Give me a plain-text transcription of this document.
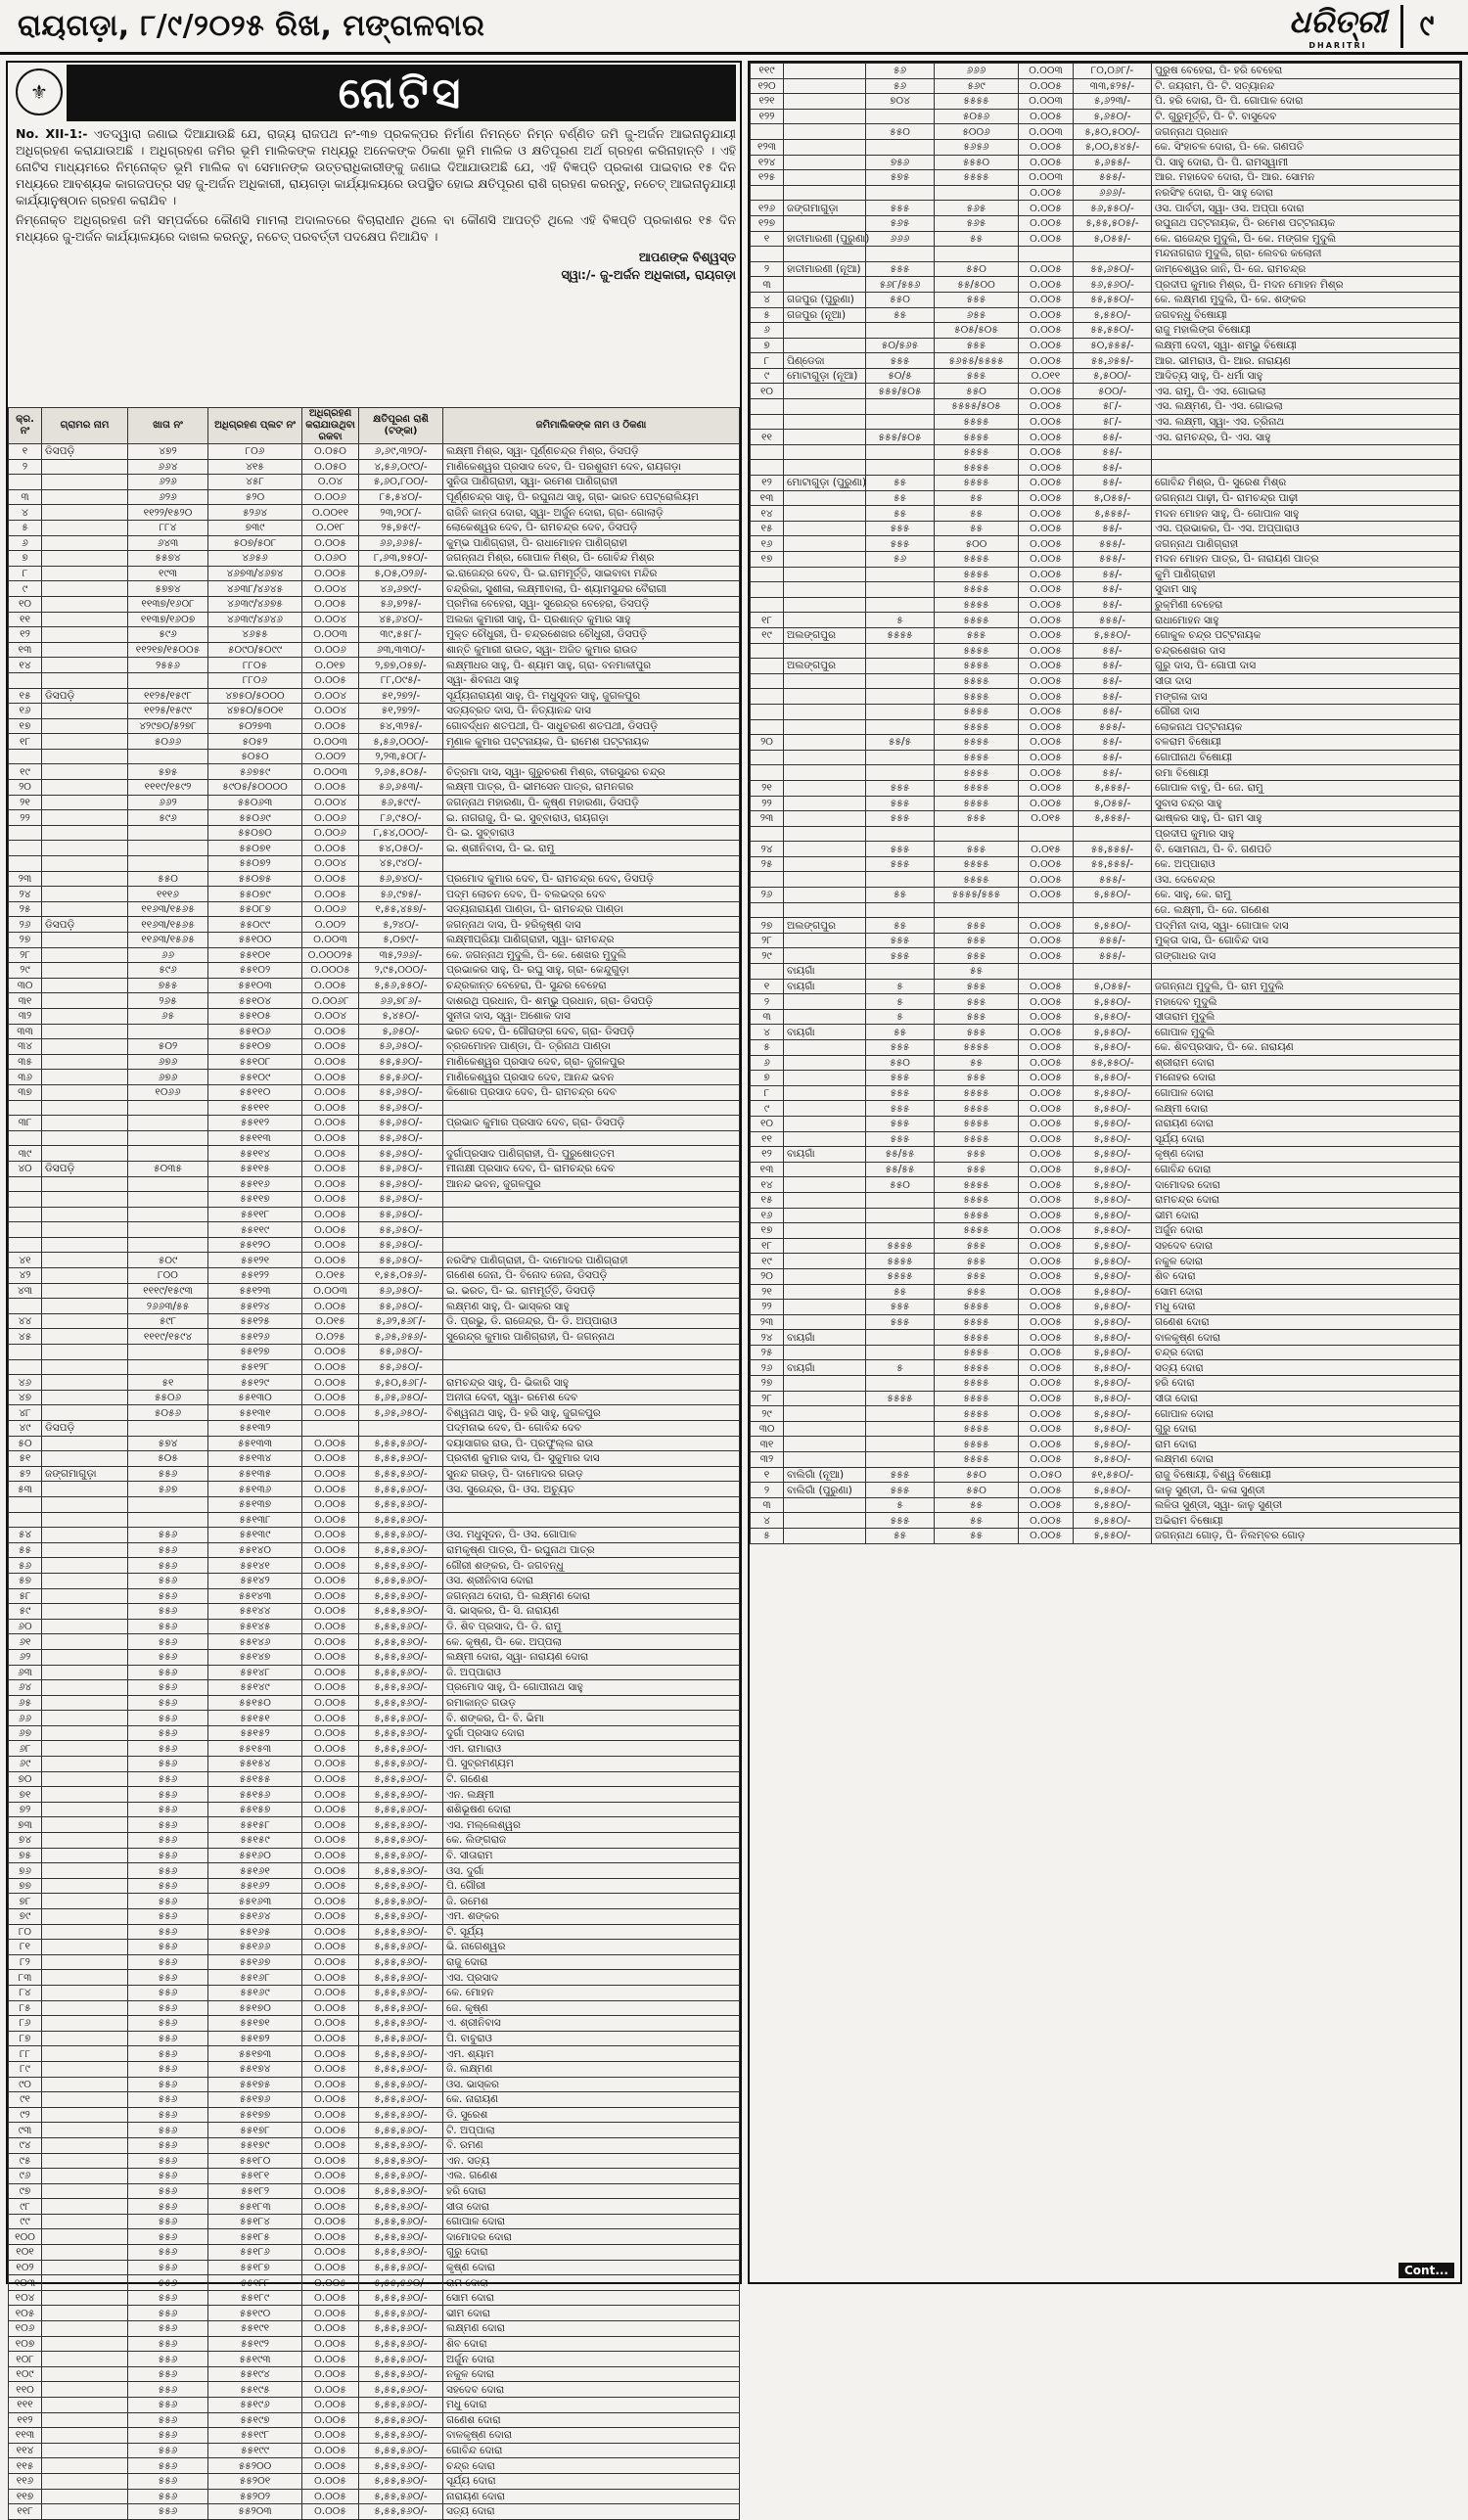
ରାୟଗଡ଼ା, ୮/୯/୨୦୨୫ ରିଖ, ମଙ୍ଗଳବାର	ଧରିତ୍ରୀ
DHARITRI
୯
⚜	ନୋଟିସ

No. XII-1:- ଏତଦ୍ୱାରା ଜଣାଇ ଦିଆଯାଉଛି ଯେ, ରାଜ୍ୟ ରାଜପଥ ନଂ-୩୭ ପ୍ରକଳ୍ପର ନିର୍ମାଣ ନିମନ୍ତେ ନିମ୍ନ ବର୍ଣ୍ଣିତ ଜମି ଜୁ-ଅର୍ଜନ ଆଇନାନୁଯାୟୀ ଅଧିଗ୍ରହଣ କରାଯାଉଅଛି । ଅଧିଗ୍ରହଣ ଜମିର ଭୂମି ମାଲିକଙ୍କ ମଧ୍ୟରୁ ଅନେକଙ୍କ ଠିକଣା ଭୂମି ମାଲିକ ଓ କ୍ଷତିପୂରଣ ଅର୍ଥ ଗ୍ରହଣ କରିନାହାନ୍ତି । ଏହି ନୋଟିସ ମାଧ୍ୟମରେ ନିମ୍ନୋକ୍ତ ଭୂମି ମାଲିକ ବା ସେମାନଙ୍କ ଉତ୍ତରାଧିକାରୀଙ୍କୁ ଜଣାଇ ଦିଆଯାଉଅଛି ଯେ, ଏହି ବିଜ୍ଞପ୍ତି ପ୍ରକାଶ ପାଇବାର ୧୫ ଦିନ ମଧ୍ୟରେ ଆବଶ୍ୟକ କାଗଜପତ୍ର ସହ ଜୁ-ଅର୍ଜନ ଅଧିକାରୀ, ରାୟଗଡ଼ା କାର୍ଯ୍ୟାଳୟରେ ଉପସ୍ଥିତ ହୋଇ କ୍ଷତିପୂରଣ ରାଶି ଗ୍ରହଣ କରନ୍ତୁ, ନଚେତ୍ ଆଇନାନୁଯାୟୀ କାର୍ଯ୍ୟାନୁଷ୍ଠାନ ଗ୍ରହଣ କରାଯିବ ।

ନିମ୍ନୋକ୍ତ ଅଧିଗ୍ରହଣ ଜମି ସମ୍ପର୍କରେ କୌଣସି ମାମଲା ଅଦାଲତରେ ବିଚାରାଧୀନ ଥିଲେ ବା କୌଣସି ଆପତ୍ତି ଥିଲେ ଏହି ବିଜ୍ଞପ୍ତି ପ୍ରକାଶର ୧୫ ଦିନ ମଧ୍ୟରେ ଜୁ-ଅର୍ଜନ କାର୍ଯ୍ୟାଳୟରେ ଦାଖଲ କରନ୍ତୁ, ନଚେତ୍ ପରବର୍ତ୍ତୀ ପଦକ୍ଷେପ ନିଆଯିବ ।

ଆପଣଙ୍କ ବିଶ୍ୱସ୍ତ
ସ୍ୱା:/- ଜୁ-ଅର୍ଜନ ଅଧିକାରୀ, ରାୟଗଡ଼ା
କ୍ର. ନଂ	ଗ୍ରାମର ନାମ	ଖାତା ନଂ	ଅଧିଗ୍ରହଣ ପ୍ଲଟ ନଂ	ଅଧିଗ୍ରହଣ କରାଯାଉଥିବା ରକବା	କ୍ଷତିପୂରଣ ରାଶି (ଟଙ୍କା)	ଜମିମାଲିକଙ୍କ ନାମ ଓ ଠିକଣା
୧	ଡିସପଡ଼ି	୪୭୨	୮୦୬	୦.୦୫୦	୬,୬୯,୩୨୦/-	ଲକ୍ଷ୍ମୀ ମିଶ୍ର, ସ୍ୱା- ପୂର୍ଣ୍ଣଚନ୍ଦ୍ର ମିଶ୍ର, ଡିସପଡ଼ି
୨		୬୬୪	୪୧୫	୦.୦୫୦	୪,୫୬,୦୯୦/-	ମାଣିକେଶ୍ୱର ପ୍ରସାଦ ଦେବ, ପି- ପରଶୁରାମ ଦେବ, ରାୟଗଡ଼ା
		୬୨୬	୪୫୮	୦.୦୪	୫,୬୦,୮୦୦/-	ସୁନିତା ପାଣିଗ୍ରାହୀ, ସ୍ୱା- ରମେଶ ପାଣିଗ୍ରାହୀ
୩		୬୨୬	୫୨୦	୦.୦୦୬	୮୫,୫୪୦/-	ପୂର୍ଣ୍ଣଚନ୍ଦ୍ର ସାହୁ, ପି- ରଘୁନାଥ ସାହୁ, ଗ୍ରା- ଭାରତ ପେଟ୍ରୋଲିୟମ
୪		୧୧୨୨/୧୫୨୦	୫୨୬୪	୦.୦୦୧୧	୨୩,୨୦୮/-	ରାଜିନି କାନ୍ତା ଦୋରା, ସ୍ୱା- ଅର୍ଜୁନ ଦୋରା, ଗ୍ରା- ଗୋଲାଡ଼ି
୫		୮୮୪	୭୩୯	୦.୦୧୮	୨୫,୭୫୯/-	ଲୋକେଶ୍ୱର ଦେବ, ପି- ରାମଚନ୍ଦ୍ର ଦେବ, ଡିସପଡ଼ି
୬		୬୪୩	୫୦୭/୫୦୮	୦.୦୦୫	୬୬,୬୬୫/-	କୁମ୍ଭ ପାଣିଗ୍ରାହୀ, ପି- ରାଧାମୋହନ ପାଣିଗ୍ରାହୀ
୭		୫୫୭୪	୪୬୫୬	୦.୦୬୦	୮,୬୩,୭୫୦/-	ଜଗନ୍ନାଥ ମିଶ୍ର, ଗୋପାଳ ମିଶ୍ର, ପି- ଗୋବିନ୍ଦ ମିଶ୍ର
୮		୧୯୩	୪୬୭୩/୪୬୭୪	୦.୦୦୫	୫,୦୫,୦୨୬/-	ଇ.ରାଜେନ୍ଦ୍ର ଦେବ, ପି- ଇ.ରାମମୂର୍ତ୍ତି, ସାଇବାବା ମନ୍ଦିର
୯		୫୭୭୪	୪୬୩୮/୪୬୪୫	୦.୦୦୪	୪୬,୬୭୯/-	ଚନ୍ଦ୍ରିକା, ସୁଶୀଳା, ଲକ୍ଷ୍ମୀବାଲା, ପି- ଶ୍ୟାମସୁନ୍ଦର ବୈରାଗୀ
୧୦		୧୧୩୭/୧୬୦୮	୪୬୩୯/୪୬୭୫	୦.୦୦୫	୫୬,୭୨୫/-	ପ୍ରମିଳା ବେହେରା, ସ୍ୱା- ସୁରେନ୍ଦ୍ର ବେହେରା, ଡିସପଡ଼ି
୧୧		୧୧୩୭/୧୬୦୭	୪୬୩୯/୪୬୪୬	୦.୦୦୪	୪୫,୬୪୦/-	ଅଲକା କୁମାରୀ ସାହୁ, ପି- ପ୍ରଶାନ୍ତ କୁମାର ସାହୁ
୧୨		୫୯୬	୪୬୫୫	୦.୦୦୩	୩୯,୫୫୮/-	ମୁକ୍ତ ଚୌଧୁରୀ, ପି- ଚନ୍ଦ୍ରଶେଖର ଚୌଧୁରୀ, ଡିସପଡ଼ି
୧୩		୧୧୨୧୭/୧୫୦୦୫	୫୦୯୦/୫୦୯୯	୦.୦୦୬	୬୩,୩୩୦/-	ଶାନ୍ତି କୁମାରୀ ରାଉତ, ସ୍ୱା- ଅଜିତ କୁମାର ରାଉତ
୧୪		୨୫୫୬	୮୮୦୫	୦.୦୧୭	୨,୭୭,୦୫୭/-	ଲକ୍ଷ୍ମୀଧର ସାହୁ, ପି- ଶ୍ୟାମ ସାହୁ, ଗ୍ରା- ବନମାଳୀପୁର
			୮୮୦୬	୦.୦୦୫	୮୮,୦୯୫/-	ସ୍ୱା- ଶିବନାଥ ସାହୁ
୧୫	ଡିସପଡ଼ି	୧୧୨୫/୧୫୯୮	୪୭୫୦/୫୦୦୦	୦.୦୦୪	୫୧,୨୭୨/-	ସୂର୍ଯ୍ୟନାରାୟଣ ସାହୁ, ପି- ମଧୁସୂଦନ ସାହୁ, ଜୁଗଳପୁର
୧୬		୧୧୨୫/୧୫୯୯	୪୭୫୦/୫୦୦୧	୦.୦୦୪	୫୧,୨୭୨/-	ସତ୍ୟବ୍ରତ ଦାସ, ପି- ନିତ୍ୟାନନ୍ଦ ଦାସ
୧୭		୪୨୯୭୦/୫୨୭୮	୫୦୨୭୩	୦.୦୦୫	୫୪,୩୨୫/-	ଗୋବର୍ଦ୍ଧନ ଶତପଥୀ, ପି- ସାଧୁଚରଣ ଶତପଥୀ, ଡିସପଡ଼ି
୧୮		୫୦୬୬	୫୦୫୨	୦.୦୦୩	୫,୫୬,୦୦୦/-	ମୃଣାଳ କୁମାର ପଟ୍ଟନାୟକ, ପି- ରାମେଶ ପଟ୍ଟନାୟକ
			୫୦୫୦	୦.୦୦୨	୨,୨୩,୫୦୮/-	
୧୯		୫୭୫	୫୬୭୫୯	୦.୦୦୩	୨,୬୫,୫୦୫/-	ଚିତ୍ରମା ଦାସ, ସ୍ୱା- ଗୁରୁଚରଣ ମିଶ୍ର, ବୀରସୁନ୍ଦର ଚନ୍ଦ୍ର
୨୦		୧୧୧୯/୧୫୯୨	୫୯୦୫/୫୦୦୦୦	୦.୦୦୫	୫୬,୬୫୩/-	ଲକ୍ଷ୍ମୀ ପାତ୍ର, ପି- ଭୀମସେନ ପାତ୍ର, ରାମନଗର
୨୧		୬୬୨	୫୫୦୬୩	୦.୦୦୪	୫୬,୫୯୯/-	ଜଗନ୍ନାଥ ମହାରଣା, ପି- କୃଷ୍ଣ ମହାରଣା, ଡିସପଡ଼ି
୨୨		୫୯୬	୫୫୦୬୯	୦.୦୦୬	୮୬,୯୫୦/-	ଇ. ନାଗରାଜୁ, ପି- ଇ. ସୁବ୍ବାରାଓ, ରାୟଗଡ଼ା
			୫୫୦୭୦	୦.୦୦୬	୮,୫୪,୦୦୦/-	ପି- ଇ. ସୁବ୍ବାରାଓ
			୫୫୦୭୧	୦.୦୦୫	୫୪,୦୫୦/-	ଇ. ଶ୍ରୀନିବାସ, ପି- ଇ. ରାମୁ
			୫୫୦୭୨	୦.୦୦୪	୪୫,୯୪୦/-	
୨୩		୫୫୦	୫୫୦୭୫	୦.୦୦୫	୫୬,୭୪୦/-	ପ୍ରମୋଦ କୁମାର ଦେବ, ପି- ରାମଚନ୍ଦ୍ର ଦେବ, ଡିସପଡ଼ି
୨୪		୧୧୧୬	୫୫୦୭୯	୦.୦୦୫	୫୬,୯୭୫/-	ପଦ୍ମ ଲୋଚନ ଦେବ, ପି- ବଲଭଦ୍ର ଦେବ
୨୫		୧୧୬୩/୧୫୬୫	୫୫୦୮୭	୦.୦୦୬	୧,୫୫,୪୫୭/-	ସତ୍ୟନାରାୟଣ ପାଣ୍ଡା, ପି- ରାମଚନ୍ଦ୍ର ପାଣ୍ଡା
୨୬	ଡିସପଡ଼ି	୧୧୬୩/୧୫୬୫	୫୫୦୯୯	୦.୦୦୨	୫,୨୪୦/-	ଜଗନ୍ନାଥ ଦାସ, ପି- ହରିକୃଷ୍ଣ ଦାସ
୨୭		୧୧୬୩/୧୫୬୫	୫୫୧୦୦	୦.୦୦୩	୫,୦୭୯/-	ଲକ୍ଷ୍ମୀପ୍ରିୟା ପାଣିଗ୍ରାହୀ, ସ୍ୱା- ରାମଚନ୍ଦ୍ର
୨୮		୬୬	୫୫୧୦୧	୦.୦୦୦୨୫	୩୫,୨୬୬/-	କେ. ଜଗନ୍ନାଥ ମୁଦୁଲି, ପି- କେ. ଶେଖର ମୁଦୁଲି
୨୯		୫୯୬	୫୫୧୦୨	୦.୦୦୦୫	୨,୯୫,୦୦୦/-	ପ୍ରଭାକର ସାହୁ, ପି- ରଘୁ ସାହୁ, ଗ୍ରା- କେନ୍ଦୁଗୁଡ଼ା
୩୦		୭୫୫	୫୫୧୦୩	୦.୦୦୫	୫,୫୬,୫୫୦/-	ଚନ୍ଦ୍ରକାନ୍ତ ବେହେରା, ପି- ସୁନ୍ଦର ବେହେରା
୩୧		୨୬୫	୫୫୧୦୪	୦.୦୦୬୮	୬୬,୭୮୬/-	ଦାଶରଥି ପ୍ରଧାନ, ପି- ଶମ୍ଭୁ ପ୍ରଧାନ, ଗ୍ରା- ଡିସପଡ଼ି
୩୨		୬୫	୫୫୧୦୫	୦.୦୦୪	୫,୪୫୦/-	ସୁନୀତା ଦାସ, ସ୍ୱା- ଅଶୋକ ଦାସ
୩୩			୫୫୧୦୬	୦.୦୦୫	୫,୬୫୦/-	ଭରତ ଦେବ, ପି- ଗୌରାଙ୍ଗ ଦେବ, ଗ୍ରା- ଡିସପଡ଼ି
୩୪		୫୦୨	୫୫୧୦୭	୦.୦୦୫	୫୬,୬୫୦/-	ବ୍ରଜମୋହନ ପାଣ୍ଡା, ପି- ତ୍ରିନାଥ ପାଣ୍ଡା
୩୫		୬୭୬	୫୫୧୦୮	୦.୦୦୫	୫୫,୫୬୦/-	ମାଣିକେଶ୍ୱର ପ୍ରସାଦ ଦେବ, ଗ୍ରା- ଜୁଗଳପୁର
୩୬		୬୭୬	୫୫୧୦୯	୦.୦୦୫	୫୫,୫୬୦/-	ମାଣିକେଶ୍ୱର ପ୍ରସାଦ ଦେବ, ଆନନ୍ଦ ଭବନ
୩୭		୧୦୬୬	୫୫୧୧୦	୦.୦୦୫	୫୫,୬୫୦/-	କିଶୋର ପ୍ରସାଦ ଦେବ, ପି- ରାମଚନ୍ଦ୍ର ଦେବ
			୫୫୧୧୧	୦.୦୦୫	୫୫,୬୫୦/-	
୩୮			୫୫୧୧୨	୦.୦୦୫	୫୫,୬୫୦/-	ପ୍ରଭାତ କୁମାର ପ୍ରସାଦ ଦେବ, ଗ୍ରା- ଡିସପଡ଼ି
			୫୫୧୧୩	୦.୦୦୫	୫୫,୬୫୦/-	
୩୯			୫୫୧୧୪	୦.୦୦୫	୫୫,୬୫୦/-	ଦୁର୍ଗାପ୍ରସାଦ ପାଣିଗ୍ରାହୀ, ପି- ପୁରୁଷୋତ୍ତମ
୪୦	ଡିସପଡ଼ି	୫୦୩୫	୫୫୧୧୫	୦.୦୦୫	୫୫,୬୫୦/-	ମୀନାକ୍ଷୀ ପ୍ରସାଦ ଦେବ, ପି- ରାମଚନ୍ଦ୍ର ଦେବ
			୫୫୧୧୬	୦.୦୦୫	୫୫,୬୫୦/-	ଆନନ୍ଦ ଭବନ, ଜୁଗଳପୁର
			୫୫୧୧୭	୦.୦୦୫	୫୫,୬୫୦/-	
			୫୫୧୧୮	୦.୦୦୫	୫୫,୬୫୦/-	
			୫୫୧୧୯	୦.୦୦୫	୫୫,୬୫୦/-	
			୫୫୧୨୦	୦.୦୦୫	୫୫,୬୫୦/-	
୪୧		୫୦୯	୫୫୧୨୧	୦.୦୦୫	୫୫,୬୫୦/-	ନରସିଂହ ପାଣିଗ୍ରାହୀ, ପି- ଦାମୋଦର ପାଣିଗ୍ରାହୀ
୪୨		୮୦୦	୫୫୧୨୨	୦.୦୧୫	୧,୫୫,୦୫୬/-	ଗଣେଶ ଜେନା, ପି- ବିନୋଦ ଜେନା, ଡିସପଡ଼ି
୪୩		୧୧୧୯/୧୫୯୩	୫୫୧୨୩	୦.୦୦୩	୫୬,୬୫୦/-	ଇ. ଭରତ, ପି- ଇ. ରାମମୂର୍ତ୍ତି, ଡିସପଡ଼ି
		୨୬୬୩/୫୫	୫୫୧୨୪	୦.୦୦୫	୫୫,୬୫୦/-	ଲକ୍ଷ୍ମଣ ସାହୁ, ପି- ଭାସ୍କର ସାହୁ
୪୪		୫୯୮	୫୫୧୨୫	୦.୦୧୫	୫,୬୨,୫୬୮/-	ଡି. ପ୍ରଭୁ, ଡି. ରାଜେନ୍ଦ୍ର, ପି- ଡି. ଅପ୍ପାରାଓ
୪୫		୧୧୧୯/୧୫୯୪	୫୫୧୨୬	୦.୦୨୫	୫,୬୫,୬୫୬/-	ସୁରେନ୍ଦ୍ର କୁମାର ପାଣିଗ୍ରାହୀ, ପି- ଜଗନ୍ନାଥ
			୫୫୧୨୭	୦.୦୦୫	୫୫,୬୫୦/-	
			୫୫୧୨୮	୦.୦୦୫	୫୫,୬୫୦/-	
୪୬		୫୧	୫୫୧୨୯	୦.୦୦୫	୫,୫୦,୫୬୮/-	ରାମଚନ୍ଦ୍ର ସାହୁ, ପି- ଭିକାରି ସାହୁ
୪୭		୫୫୦୬	୫୫୧୩୦	୦.୦୦୫	୫,୬୫,୬୫୦/-	ଅନୀତା ଦେବୀ, ସ୍ୱା- ରମେଶ ଦେବ
୪୮		୫୦୫୬	୫୫୧୩୧	୦.୦୦୫	୫,୬୫,୬୫୦/-	ବିଶ୍ୱନାଥ ସାହୁ, ପି- ହରି ସାହୁ, ଜୁଗଳପୁର
୪୯	ଡିସପଡ଼ି		୫୫୧୩୨			ପଦ୍ମନାଭ ଦେବ, ପି- ଗୋବିନ୍ଦ ଦେବ
୫୦		୫୭୪	୫୫୧୩୩	୦.୦୦୫	୫,୫୫,୫୬୦/-	ଦୟାସାଗର ରାଉ, ପି- ପ୍ରଫୁଲ୍ଲ ରାଉ
୫୧		୫୦୫	୫୫୧୩୪	୦.୦୦୫	୫,୫୫,୫୬୦/-	ପ୍ରବୀଣ କୁମାର ଦାସ, ପି- ସୁକୁମାର ଦାସ
୫୨	ଜଙ୍ଗମାଗୁଡ଼ା	୫୫୬	୫୫୧୩୫	୦.୦୦୫	୫,୫୫,୫୬୦/-	ସୁନନ୍ଦ ଗଉଡ଼, ପି- ଦାମୋଦର ଗଉଡ଼
୫୩		୫୬୭	୫୫୧୩୬	୦.୦୦୫	୫,୫୫,୫୬୦/-	ଓସ. ସୁରେନ୍ଦ୍ର, ପି- ଓସ. ଅଚ୍ୟୁତ
			୫୫୧୩୭	୦.୦୦୫	୫,୫୫,୫୬୦/-	
			୫୫୧୩୮	୦.୦୦୫	୫,୫୫,୫୬୦/-	
୫୪		୫୫୬	୫୫୧୩୯	୦.୦୦୫	୫,୫୫,୫୬୦/-	ଓସ. ମଧୁସୂଦନ, ପି- ଓସ. ଗୋପାଳ
୫୫		୫୫୬	୫୫୧୪୦	୦.୦୦୫	୫,୫୫,୫୬୦/-	ରାମକୃଷ୍ଣ ପାତ୍ର, ପି- ରଘୁନାଥ ପାତ୍ର
୫୬		୫୫୬	୫୫୧୪୧	୦.୦୦୫	୫,୫୫,୫୬୦/-	ଗୌରୀ ଶଙ୍କର, ପି- ଜଗବନ୍ଧୁ
୫୭		୫୫୬	୫୫୧୪୨	୦.୦୦୫	୫,୫୫,୫୬୦/-	ଓସ. ଶ୍ରୀନିବାସ ଦୋରା
୫୮		୫୫୬	୫୫୧୪୩	୦.୦୦୫	୫,୫୫,୫୬୦/-	ଜଗନ୍ନାଥ ଦୋରା, ପି- ଲକ୍ଷ୍ମଣ ଦୋରା
୫୯		୫୫୬	୫୫୧୪୪	୦.୦୦୫	୫,୫୫,୫୬୦/-	ସି. ଭାସ୍କର, ପି- ସି. ନାରାୟଣ
୬୦		୫୫୬	୫୫୧୪୫	୦.୦୦୫	୫,୫୫,୫୬୦/-	ଡି. ଶିବ ପ୍ରସାଦ, ପି- ଡି. ରାମୁ
୬୧		୫୫୬	୫୫୧୪୬	୦.୦୦୫	୫,୫୫,୫୬୦/-	କେ. କୃଷ୍ଣ, ପି- କେ. ଅପ୍ପଲା
୬୨		୫୫୬	୫୫୧୪୭	୦.୦୦୫	୫,୫୫,୫୬୦/-	ଲକ୍ଷ୍ମୀ ଦୋରା, ସ୍ୱା- ନାରାୟଣ ଦୋରା
୬୩		୫୫୬	୫୫୧୪୮	୦.୦୦୫	୫,୫୫,୫୬୦/-	ଜି. ଅପ୍ପାରାଓ
୬୪		୫୫୬	୫୫୧୪୯	୦.୦୦୫	୫,୫୫,୫୬୦/-	ପ୍ରମୋଦ ସାହୁ, ପି- ଗୋପୀନାଥ ସାହୁ
୬୫		୫୫୬	୫୫୧୫୦	୦.୦୦୫	୫,୫୫,୫୬୦/-	ରମାକାନ୍ତ ଗଉଡ଼
୬୬		୫୫୬	୫୫୧୫୧	୦.୦୦୫	୫,୫୫,୫୬୦/-	ବି. ଶଙ୍କର, ପି- ବି. ଭିମା
୬୭		୫୫୬	୫୫୧୫୨	୦.୦୦୫	୫,୫୫,୫୬୦/-	ଦୁର୍ଗା ପ୍ରସାଦ ଦୋରା
୬୮		୫୫୬	୫୫୧୫୩	୦.୦୦୫	୫,୫୫,୫୬୦/-	ଏମ. ରାମାରାଓ
୬୯		୫୫୬	୫୫୧୫୪	୦.୦୦୫	୫,୫୫,୫୬୦/-	ପି. ସୁବ୍ରମଣ୍ୟମ
୭୦		୫୫୬	୫୫୧୫୫	୦.୦୦୫	୫,୫୫,୫୬୦/-	ଟି. ଗଣେଶ
୭୧		୫୫୬	୫୫୧୫୬	୦.୦୦୫	୫,୫୫,୫୬୦/-	ଏନ. ଲକ୍ଷ୍ମୀ
୭୨		୫୫୬	୫୫୧୫୭	୦.୦୦୫	୫,୫୫,୫୬୦/-	ଶଶିଭୂଷଣ ଦୋରା
୭୩		୫୫୬	୫୫୧୫୮	୦.୦୦୫	୫,୫୫,୫୬୦/-	ଏସ. ମଲ୍ଲେଶ୍ୱର
୭୪		୫୫୬	୫୫୧୫୯	୦.୦୦୫	୫,୫୫,୫୬୦/-	କେ. ଲିଙ୍ଗରାଜ
୭୫		୫୫୬	୫୫୧୬୦	୦.୦୦୫	୫,୫୫,୫୬୦/-	ବି. ସୀତାରାମ
୭୬		୫୫୬	୫୫୧୬୧	୦.୦୦୫	୫,୫୫,୫୬୦/-	ଓସ. ଦୁର୍ଗା
୭୭		୫୫୬	୫୫୧୬୨	୦.୦୦୫	୫,୫୫,୫୬୦/-	ପି. ଗୌରୀ
୭୮		୫୫୬	୫୫୧୬୩	୦.୦୦୫	୫,୫୫,୫୬୦/-	ଜି. ରମେଶ
୭୯		୫୫୬	୫୫୧୬୪	୦.୦୦୫	୫,୫୫,୫୬୦/-	ଏମ. ଶଙ୍କର
୮୦		୫୫୬	୫୫୧୬୫	୦.୦୦୫	୫,୫୫,୫୬୦/-	ଟି. ସୂର୍ଯ୍ୟ
୮୧		୫୫୬	୫୫୧୬୬	୦.୦୦୫	୫,୫୫,୫୬୦/-	ଭି. ନାଗେଶ୍ୱର
୮୨		୫୫୬	୫୫୧୬୭	୦.୦୦୫	୫,୫୫,୫୬୦/-	ରାଜୁ ଦୋରା
୮୩		୫୫୬	୫୫୧୬୮	୦.୦୦୫	୫,୫୫,୫୬୦/-	ଏସ. ପ୍ରସାଦ
୮୪		୫୫୬	୫୫୧୬୯	୦.୦୦୫	୫,୫୫,୫୬୦/-	କେ. ମୋହନ
୮୫		୫୫୬	୫୫୧୭୦	୦.୦୦୫	୫,୫୫,୫୬୦/-	ଜେ. କୃଷ୍ଣ
୮୬		୫୫୬	୫୫୧୭୧	୦.୦୦୫	୫,୫୫,୫୬୦/-	ଏ. ଶ୍ରୀନିବାସ
୮୭		୫୫୬	୫୫୧୭୨	୦.୦୦୫	୫,୫୫,୫୬୦/-	ପି. ବାବୁରାଓ
୮୮		୫୫୬	୫୫୧୭୩	୦.୦୦୫	୫,୫୫,୫୬୦/-	ଏମ. ଶ୍ୟାମ
୮୯		୫୫୬	୫୫୧୭୪	୦.୦୦୫	୫,୫୫,୫୬୦/-	ଜି. ଲକ୍ଷ୍ମଣ
୯୦		୫୫୬	୫୫୧୭୫	୦.୦୦୫	୫,୫୫,୫୬୦/-	ଓସ. ଭାସ୍କର
୯୧		୫୫୬	୫୫୧୭୬	୦.୦୦୫	୫,୫୫,୫୬୦/-	କେ. ନାରାୟଣ
୯୨		୫୫୬	୫୫୧୭୭	୦.୦୦୫	୫,୫୫,୫୬୦/-	ଡି. ସୁରେଶ
୯୩		୫୫୬	୫୫୧୭୮	୦.୦୦୫	୫,୫୫,୫୬୦/-	ଟି. ଅପ୍ପାଲା
୯୪		୫୫୬	୫୫୧୭୯	୦.୦୦୫	୫,୫୫,୫୬୦/-	ବି. ରମଣ
୯୫		୫୫୬	୫୫୧୮୦	୦.୦୦୫	୫,୫୫,୫୬୦/-	ଏନ. ସତ୍ୟ
୯୬		୫୫୬	୫୫୧୮୧	୦.୦୦୫	୫,୫୫,୫୬୦/-	ଏଲ. ଗଣେଶ
୯୭		୫୫୬	୫୫୧୮୨	୦.୦୦୫	୫,୫୫,୫୬୦/-	ହରି ଦୋରା
୯୮		୫୫୬	୫୫୧୮୩	୦.୦୦୫	୫,୫୫,୫୬୦/-	ସୀତା ଦୋରା
୯୯		୫୫୬	୫୫୧୮୪	୦.୦୦୫	୫,୫୫,୫୬୦/-	ଗୋପାଳ ଦୋରା
୧୦୦		୫୫୬	୫୫୧୮୫	୦.୦୦୫	୫,୫୫,୫୬୦/-	ଦାମୋଦର ଦୋରା
୧୦୧		୫୫୬	୫୫୧୮୬	୦.୦୦୫	୫,୫୫,୫୬୦/-	ଗୁରୁ ଦୋରା
୧୦୨		୫୫୬	୫୫୧୮୭	୦.୦୦୫	୫,୫୫,୫୬୦/-	କୃଷ୍ଣ ଦୋରା
୧୦୩		୫୫୬	୫୫୧୮୮	୦.୦୦୫	୫,୫୫,୫୬୦/-	ରାମ ଦୋରା
୧୦୪		୫୫୬	୫୫୧୮୯	୦.୦୦୫	୫,୫୫,୫୬୦/-	ସୋମ ଦୋରା
୧୦୫		୫୫୬	୫୫୧୯୦	୦.୦୦୫	୫,୫୫,୫୬୦/-	ଭୀମ ଦୋରା
୧୦୬		୫୫୬	୫୫୧୯୧	୦.୦୦୫	୫,୫୫,୫୬୦/-	ଲକ୍ଷ୍ମଣ ଦୋରା
୧୦୭		୫୫୬	୫୫୧୯୨	୦.୦୦୫	୫,୫୫,୫୬୦/-	ଶିବ ଦୋରା
୧୦୮		୫୫୬	୫୫୧୯୩	୦.୦୦୫	୫,୫୫,୫୬୦/-	ଅର୍ଜୁନ ଦୋରା
୧୦୯		୫୫୬	୫୫୧୯୪	୦.୦୦୫	୫,୫୫,୫୬୦/-	ନକୁଳ ଦୋରା
୧୧୦		୫୫୬	୫୫୧୯୫	୦.୦୦୫	୫,୫୫,୫୬୦/-	ସହଦେବ ଦୋରା
୧୧୧		୫୫୬	୫୫୧୯୬	୦.୦୦୫	୫,୫୫,୫୬୦/-	ମଧୁ ଦୋରା
୧୧୨		୫୫୬	୫୫୧୯୭	୦.୦୦୫	୫,୫୫,୫୬୦/-	ଗଣେଶ ଦୋରା
୧୧୩		୫୫୬	୫୫୧୯୮	୦.୦୦୫	୫,୫୫,୫୬୦/-	ବାଳକୃଷ୍ଣ ଦୋରା
୧୧୪		୫୫୬	୫୫୧୯୯	୦.୦୦୫	୫,୫୫,୫୬୦/-	ଗୋବିନ୍ଦ ଦୋରା
୧୧୫		୫୫୬	୫୫୨୦୦	୦.୦୦୫	୫,୫୫,୫୬୦/-	ଚନ୍ଦ୍ର ଦୋରା
୧୧୬		୫୫୬	୫୫୨୦୧	୦.୦୦୫	୫,୫୫,୫୬୦/-	ସୂର୍ଯ୍ୟ ଦୋରା
୧୧୭		୫୫୬	୫୫୨୦୨	୦.୦୦୫	୫,୫୫,୫୬୦/-	ନାରାୟଣ ଦୋରା
୧୧୮		୫୫୬	୫୫୨୦୩	୦.୦୦୫	୫,୫୫,୫୬୦/-	ସତ୍ୟ ଦୋରା
୧୧୯		୫୬	୬୬୬	୦.୦୦୩	୮୦,୦୬୮/-	ପୁରୁଷ ବେହେରା, ପି- ହରି ବେହେରା
୧୨୦		୫୬	୫୬୯	୦.୦୦୫	୩୩,୫୨୫/-	ଟି. ଜୟରାମ, ପି- ଟି. ସତ୍ୟାନନ୍ଦ
୧୨୧		୭୦୪	୫୫୫୫	୦.୦୦୩	୫,୬୨୩/-	ପି. ହରି ଦୋରା, ପି- ପି. ଗୋପାଳ ଦୋରା
୧୨୨			୫୦୫୬	୦.୦୦୫	୫,୬୫୦/-	ଟି. ଗୁରୁମୂର୍ତ୍ତି, ପି- ଟି. ବାସୁଦେବ
		୫୫୦	୫୦୦୬	୦.୦୦୩	୫,୫୦,୫୦୦/-	ଜଗନ୍ନାଥ ପ୍ରଧାନ
୧୨୩			୫୬୫୬	୦.୦୦୫	୫,୦୦,୫୪୫/-	କେ. ସିଂହାଚଳ ଦୋରା, ପି- କେ. ଗଣପତି
୧୨୪		୭୫୬	୫୫୫୦	୦.୦୦୫	୫,୬୫୫/-	ପି. ସାହୁ ଦୋରା, ପି- ପି. ରାମସ୍ୱାମୀ
୧୨୫		୫୭୫	୫୫୫୫	୦.୦୦୩	୫୫୫/-	ଆର. ମହାଦେବ ଦୋରା, ପି- ଆର. ସୋମନ
				୦.୦୦୫	୬୬୬/-	ନରସିଂହ ଦୋରା, ପି- ସାହୁ ଦୋରା
୧୨୬	ଜଙ୍ଗମାଗୁଡ଼ା	୫୫୫	୫୬୫	୦.୦୦୫	୫୬,୫୫୦/-	ଓସ. ପାର୍ବତୀ, ସ୍ୱା- ଓସ. ଅପ୍ପା ଦୋରା
୧୨୭		୫୬୫	୫୬୫	୦.୦୦୫	୫,୫୫,୫୦୫/-	ରଘୁନାଥ ପଟ୍ଟନାୟକ, ପି- ରମେଶ ପଟ୍ଟନାୟକ
୧	ହାତୀମାରଣୀ (ପୁରୁଣା)	୬୬୬	୫୫	୦.୦୦୫	୫,୦୫୫/-	କେ. ରାଜେନ୍ଦ୍ର ମୁଦୁଲି, ପି- କେ. ମଙ୍ଗଳ ମୁଦୁଲି
						ମନ୍ଦନାଗରାଜ ମୁଦୁଲି, ଗ୍ରା- ଲେବର କଲୋନୀ
୨	ହାତୀମାରଣୀ (ନୂଆ)	୫୫୫	୫୫୦	୦.୦୦୫	୫୫,୬୫୦/-	ଜାମ୍ବେଶ୍ୱର ଜାନି, ପି- ଜେ. ରାମଚନ୍ଦ୍ର
୩		୫୬୮/୫୫୬	୫୫/୫୦୦	୦.୦୦୫	୫୬,୫୬୦/-	ପ୍ରଦୀପ କୁମାର ମିଶ୍ର, ପି- ମଦନ ମୋହନ ମିଶ୍ର
୪	ଗଜପୁର (ପୁରୁଣା)	୫୫୦	୫୫୫	୦.୦୦୫	୫୫,୫୫୦/-	କେ. ଲକ୍ଷ୍ମଣ ମୁଦୁଲି, ପି- କେ. ଶଙ୍କର
୫	ଗଜପୁର (ନୂଆ)	୫୫	୬୫୫	୦.୦୦୫	୫,୫୫୦/-	ଜଗବନ୍ଧୁ ବିଷୋୟୀ
୬			୫୦୫/୫୦୫	୦.୦୦୫	୫୫,୫୫୦/-	ରାଜୁ ମହାଲିଙ୍ଗ ବିଷୋୟୀ
୭		୫୦/୫୬୫	୫୫୫	୦.୦୦୫	୫୦,୫୫୫/-	ଲକ୍ଷ୍ମୀ ଦେବୀ, ସ୍ୱା- ଶମ୍ଭୁ ବିଷୋୟୀ
୮	ପିଣ୍ଡେଜା	୫୫୫	୫୬୫୫/୫୫୫୫	୦.୦୦୫	୫୫,୬୫୫/-	ଆର. ଭୀମରାଓ, ପି- ଆର. ନାରାୟଣ
୯	ମୋଟାଗୁଡ଼ା (ନୂଆ)	୫୦/୫	୫୫୫	୦.୦୧୧	୫,୫୦୦/-	ଆଦିତ୍ୟ ସାହୁ, ପି- ଧର୍ମା ସାହୁ
୧୦		୫୫୫/୫୦୫	୫୫୦	୦.୦୦୫	୫୦୦/-	ଏସ. ରାମୁ, ପି- ଏସ. ଗୋଇଲା
			୫୫୫୫/୫୦୫	୦.୦୦୫	୫୮/-	ଏସ. ଲକ୍ଷ୍ମଣ, ପି- ଏସ. ଗୋଇଲା
			୫୫୫୫	୦.୦୦୫	୫୮/-	ଏସ. ଲକ୍ଷ୍ମୀ, ସ୍ୱା- ଏସ. ତ୍ରିନାଥ
୧୧		୫୫୫/୫୦୫	୫୫୫୫	୦.୦୦୫	୫୫/-	ଏସ. ରାମଚନ୍ଦ୍ର, ପି- ଏସ. ସାହୁ
			୫୫୫୫	୦.୦୦୫	୫୫/-	
			୫୫୫୫	୦.୦୦୫	୫୫/-	
୧୨	ମୋଟାଗୁଡ଼ା (ପୁରୁଣା)	୫୫	୫୫୫୫	୦.୦୦୫	୫୫/-	ଗୋବିନ୍ଦ ମିଶ୍ର, ପି- ସୁରେଶ ମିଶ୍ର
୧୩		୫୫	୫୫	୦.୦୦୫	୫,୦୫୫/-	ଜଗନ୍ନାଥ ପାଢ଼ୀ, ପି- ରାମଚନ୍ଦ୍ର ପାଢ଼ୀ
୧୪		୫୫	୫୫	୦.୦୦୫	୫,୫୫୫/-	ମଦନ ମୋହନ ସାହୁ, ପି- ଗୋପାଳ ସାହୁ
୧୫		୫୫୫	୫୫	୦.୦୦୫	୫୫/-	ଏସ. ପ୍ରଭାକର, ପି- ଏସ. ଅପ୍ପାରାଓ
୧୬		୫୫୫	୫୦୦	୦.୦୦୫	୫୫୫/-	ଜଗନ୍ନାଥ ପାଣିଗ୍ରାହୀ
୧୭		୫୬	୫୫୫୫	୦.୦୦୫	୫୫୫/-	ମଦନ ମୋହନ ପାତ୍ର, ପି- ନାରାୟଣ ପାତ୍ର
			୫୫୫୫	୦.୦୦୫	୫୫/-	କୁମି ପାଣିଗ୍ରାହୀ
			୫୫୫୫	୦.୦୦୫	୫୫/-	ସୁଦାମ ସାହୁ
			୫୫୫୫	୦.୦୦୫	୫୫/-	ରୁକ୍ମିଣୀ ବେହେରା
୧୮		୫	୫୫୫୫	୦.୦୦୫	୫୫୫/-	ରାଧାମୋହନ ସାହୁ
୧୯	ଅଲଙ୍ଗପୁର	୫୫୫୫	୫୫୫	୦.୦୦୫	୫,୫୫୦/-	ଗୋକୁଳ ଚନ୍ଦ୍ର ପଟ୍ଟନାୟକ
			୫୫୫୫	୦.୦୦୫	୫୫/-	ଚନ୍ଦ୍ରଶେଖର ଦାସ
	ଅଲଙ୍ଗପୁର		୫୫୫୫	୦.୦୦୫	୫୫/-	ଗୁରୁ ଦାସ, ପି- ଗୋପୀ ଦାସ
			୫୫୫୫	୦.୦୦୫	୫୫/-	ସୀତା ଦାସ
			୫୫୫୫	୦.୦୦୫	୫୫/-	ମଙ୍ଗଳା ଦାସ
			୫୫୫୫	୦.୦୦୫	୫୫/-	ଗୌରୀ ଦାସ
			୫୫୫୫	୦.୦୦୫	୫୫୫/-	ଲୋକନାଥ ପଟ୍ଟନାୟକ
୨୦		୫୫/୫	୫୫୫୫	୦.୦୦୫	୫୫/-	ବଳରାମ ବିଷୋୟୀ
			୫୫୫୫	୦.୦୦୫	୫୫/-	ଗୋପୀନାଥ ବିଷୋୟୀ
			୫୫୫୫	୦.୦୦୫	୫୫/-	ରମା ବିଷୋୟୀ
୨୧		୫୫୫	୫୫୫୫	୦.୦୦୫	୫,୫୫୫/-	ଗୋପାଳ ବାବୁ, ପି- ଜେ. ରାମୁ
୨୨		୫୫୫	୫୫୫୫	୦.୦୦୫	୫,୦୫୫/-	ସୁବାସ ଚନ୍ଦ୍ର ସାହୁ
୨୩		୫୫୫	୫୫୫	୦.୦୧୫	୫,୫୫୫/-	ଭାଷ୍କର ସାହୁ, ପି- ରାମ ସାହୁ
						ପ୍ରଦୀପ କୁମାର ସାହୁ
୨୪		୫୫୫	୫୫୫	୦.୦୧୫	୫୫,୫୫୫/-	ବି. ସୋମନାଥ, ପି- ବି. ଗଣପତି
୨୫		୫୫୫	୫୫୫୫	୦.୦୦୫	୫୫,୫୫୫/-	କେ. ଅପ୍ପାରାଓ
			୫୫୫୫	୦.୦୦୫	୫୫୫/-	ଓସ. ଦେବେନ୍ଦ୍ର
୨୬		୫୫	୫୫୫୫/୫୫୫	୦.୦୦୫	୫,୫୫୦/-	କେ. ସାହୁ, କେ. ରାମୁ
						ଜେ. ଲକ୍ଷ୍ମୀ, ପି- ଜେ. ଗଣେଶ
୨୭	ଅଲଙ୍ଗପୁର	୫୫	୫୫୫	୦.୦୦୫	୫,୫୫୦/-	ପଦ୍ମିନୀ ଦାସ, ସ୍ୱା- ଗୋପାଳ ଦାସ
୨୮		୫୫୫	୫୫୫	୦.୦୦୫	୫୫୫/-	ମୁକ୍ତା ଦାସ, ପି- ଗୋବିନ୍ଦ ଦାସ
୨୯		୫୫୫	୫୫୫	୦.୦୦୫	୫୫୫/-	ଗଙ୍ଗାଧର ଦାସ
	ବାୟଗାଁ		୫୫			
୧	ବାୟଗାଁ	୫	୫୫୫	୦.୦୦୫	୫,୦୫୫/-	ଜଗନ୍ନାଥ ମୁଦୁଲି, ପି- ରାମ ମୁଦୁଲି
୨		୫	୫୫୫	୦.୦୦୫	୫,୫୫୦/-	ମହାଦେବ ମୁଦୁଲି
୩		୫	୫୫୫	୦.୦୦୫	୫,୫୫୦/-	ସୀତାରାମ ମୁଦୁଲି
୪	ବାୟଗାଁ	୫୫	୫୫୫	୦.୦୦୫	୫,୫୫୦/-	ଗୋପାଳ ମୁଦୁଲି
୫		୫୫୫	୫୫୫୫	୦.୦୦୫	୫,୫୫୦/-	କେ. ଶିବପ୍ରସାଦ, ପି- କେ. ନାରାୟଣ
୬		୫୫୦	୫୫	୦.୦୦୫	୫୫,୫୫୦/-	ଶ୍ରୀରାମ ଦୋରା
୭		୫୫୫	୫୫୫	୦.୦୦୫	୫,୫୫୦/-	ମନୋହର ଦୋରା
୮		୫୫୫	୫୫୫୫	୦.୦୦୫	୫,୫୫୦/-	ଗୋପାଳ ଦୋରା
୯		୫୫୫	୫୫୫୫	୦.୦୦୫	୫,୫୫୦/-	ଲକ୍ଷ୍ମୀ ଦୋରା
୧୦		୫୫୫	୫୫୫୫	୦.୦୦୫	୫,୫୫୦/-	ନାରାୟଣ ଦୋରା
୧୧		୫୫୫	୫୫୫୫	୦.୦୦୫	୫,୫୫୦/-	ସୂର୍ଯ୍ୟ ଦୋରା
୧୨	ବାୟଗାଁ	୫୫/୫୫	୫୫୫	୦.୦୦୫	୫,୫୫୦/-	କୃଷ୍ଣ ଦୋରା
୧୩		୫୫/୫୫	୫୫୫	୦.୦୦୫	୫,୫୫୦/-	ଗୋବିନ୍ଦ ଦୋରା
୧୪		୫୫୦	୫୫୫୫	୦.୦୦୫	୫,୫୫୦/-	ଦାମୋଦର ଦୋରା
୧୫			୫୫୫୫	୦.୦୦୫	୫,୫୫୦/-	ରାମଚନ୍ଦ୍ର ଦୋରା
୧୬			୫୫୫୫	୦.୦୦୫	୫,୫୫୦/-	ଭୀମ ଦୋରା
୧୭			୫୫୫୫	୦.୦୦୫	୫,୫୫୦/-	ଅର୍ଜୁନ ଦୋରା
୧୮		୫୫୫୫	୫୫୫	୦.୦୦୫	୫,୫୫୦/-	ସହଦେବ ଦୋରା
୧୯		୫୫୫୫	୫୫୫	୦.୦୦୫	୫,୫୫୦/-	ନକୁଳ ଦୋରା
୨୦		୫୫୫୫	୫୫୫	୦.୦୦୫	୫,୫୫୦/-	ଶିବ ଦୋରା
୨୧		୫୫	୫୫୫	୦.୦୦୫	୫,୫୫୦/-	ସୋମ ଦୋରା
୨୨		୫୫୫	୫୫୫୫	୦.୦୦୫	୫,୫୫୦/-	ମଧୁ ଦୋରା
୨୩		୫୫୫	୫୫୫୫	୦.୦୦୫	୫,୫୫୦/-	ଗଣେଶ ଦୋରା
୨୪	ବାୟଗାଁ		୫୫୫୫	୦.୦୦୫	୫,୫୫୦/-	ବାଳକୃଷ୍ଣ ଦୋରା
୨୫			୫୫୫୫	୦.୦୦୫	୫,୫୫୦/-	ଚନ୍ଦ୍ର ଦୋରା
୨୬	ବାୟଗାଁ	୫	୫୫୫୫	୦.୦୦୫	୫,୫୫୦/-	ସତ୍ୟ ଦୋରା
୨୭			୫୫୫୫	୦.୦୦୫	୫,୫୫୦/-	ହରି ଦୋରା
୨୮		୫୫୫୫	୫୫୫୫	୦.୦୦୫	୫,୫୫୦/-	ସୀତା ଦୋରା
୨୯			୫୫୫୫	୦.୦୦୫	୫,୫୫୦/-	ଗୋପାଳ ଦୋରା
୩୦			୫୫୫୫	୦.୦୦୫	୫,୫୫୦/-	ଗୁରୁ ଦୋରା
୩୧			୫୫୫୫	୦.୦୦୫	୫,୫୫୦/-	ରାମ ଦୋରା
୩୨			୫୫୫୫	୦.୦୦୫	୫,୫୫୦/-	ଲକ୍ଷ୍ମଣ ଦୋରା
୧	ବାଲିଗାଁ (ନୂଆ)	୫୫୫	୫୫୦	୦.୦୫୦	୫୧,୫୫୦/-	ରାଜୁ ବିଷୋୟୀ, ବିଶ୍ୱ ବିଷୋୟୀ
୨	ବାଲିଗାଁ (ପୁରୁଣା)	୫୫୫	୫୫୦	୦.୦୦୫	୫,୫୫୦/-	କାଳୁ ସୁଣ୍ଡୀ, ପି- କଳା ସୁଣ୍ଡୀ
୩		୫	୫୫	୦.୦୦୫	୫,୫୫୦/-	ଲଳିତା ସୁଣ୍ଡୀ, ସ୍ୱା- କାଳୁ ସୁଣ୍ଡୀ
୪		୫୫୫	୫୫	୦.୦୦୫	୫,୫୫୦/-	ଅଭିରାମ ବିଷୋୟୀ
୫		୫୫	୫୫	୦.୦୦୫	୫,୫୫୦/-	ଜଗନ୍ନାଥ ଗୋଡ଼, ପି- ନିଲମ୍ବର ଗୋଡ଼
Cont...
